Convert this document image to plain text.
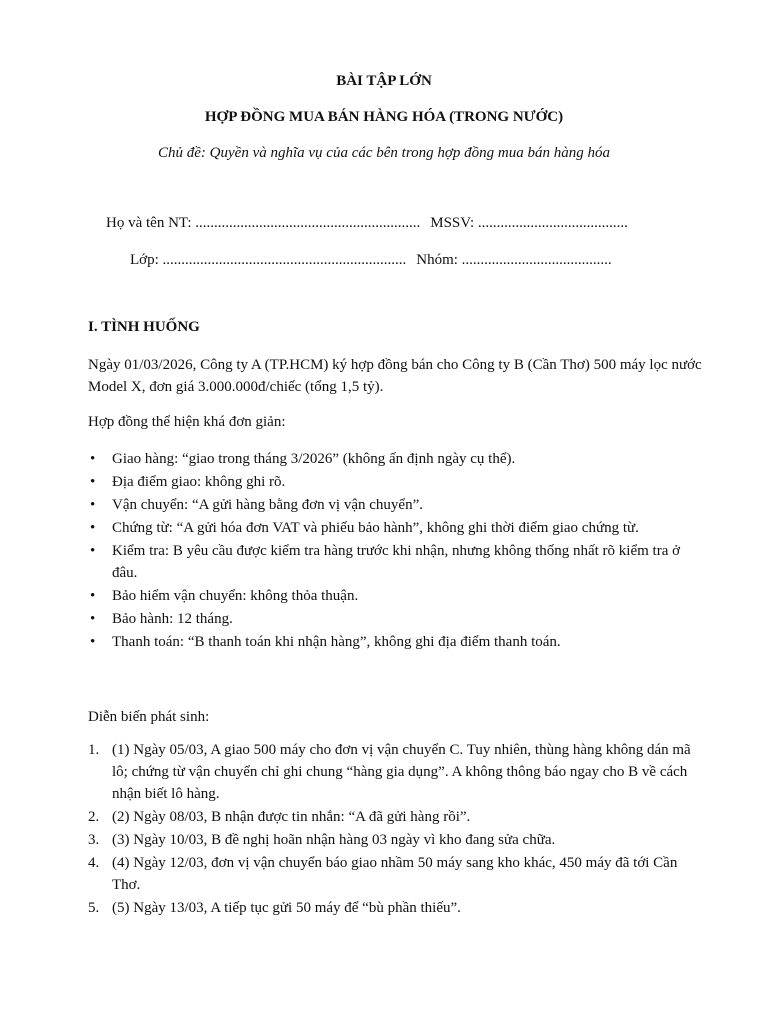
BÀI TẬP LỚN
HỢP ĐỒNG MUA BÁN HÀNG HÓA (TRONG NƯỚC)
Chủ đề: Quyền và nghĩa vụ của các bên trong hợp đồng mua bán hàng hóa
Họ và tên NT: ............................................................ MSSV: ........................................
Lớp: ................................................................. Nhóm: ........................................
I. TÌNH HUỐNG

Ngày 01/03/2026, Công ty A (TP.HCM) ký hợp đồng bán cho Công ty B (Cần Thơ) 500 máy lọc nước Model X, đơn giá 3.000.000đ/chiếc (tổng 1,5 tỷ).

Hợp đồng thể hiện khá đơn giản:

• Giao hàng: “giao trong tháng 3/2026” (không ấn định ngày cụ thể).
• Địa điểm giao: không ghi rõ.
• Vận chuyển: “A gửi hàng bằng đơn vị vận chuyển”.
• Chứng từ: “A gửi hóa đơn VAT và phiếu bảo hành”, không ghi thời điểm giao chứng từ.
• Kiểm tra: B yêu cầu được kiểm tra hàng trước khi nhận, nhưng không thống nhất rõ kiểm tra ở đâu.
• Bảo hiểm vận chuyển: không thỏa thuận.
• Bảo hành: 12 tháng.
• Thanh toán: “B thanh toán khi nhận hàng”, không ghi địa điểm thanh toán.

Diễn biến phát sinh:

1. (1) Ngày 05/03, A giao 500 máy cho đơn vị vận chuyển C. Tuy nhiên, thùng hàng không dán mã lô; chứng từ vận chuyển chỉ ghi chung “hàng gia dụng”. A không thông báo ngay cho B về cách nhận biết lô hàng.
2. (2) Ngày 08/03, B nhận được tin nhắn: “A đã gửi hàng rồi”.
3. (3) Ngày 10/03, B đề nghị hoãn nhận hàng 03 ngày vì kho đang sửa chữa.
4. (4) Ngày 12/03, đơn vị vận chuyển báo giao nhầm 50 máy sang kho khác, 450 máy đã tới Cần Thơ.
5. (5) Ngày 13/03, A tiếp tục gửi 50 máy để “bù phần thiếu”.
